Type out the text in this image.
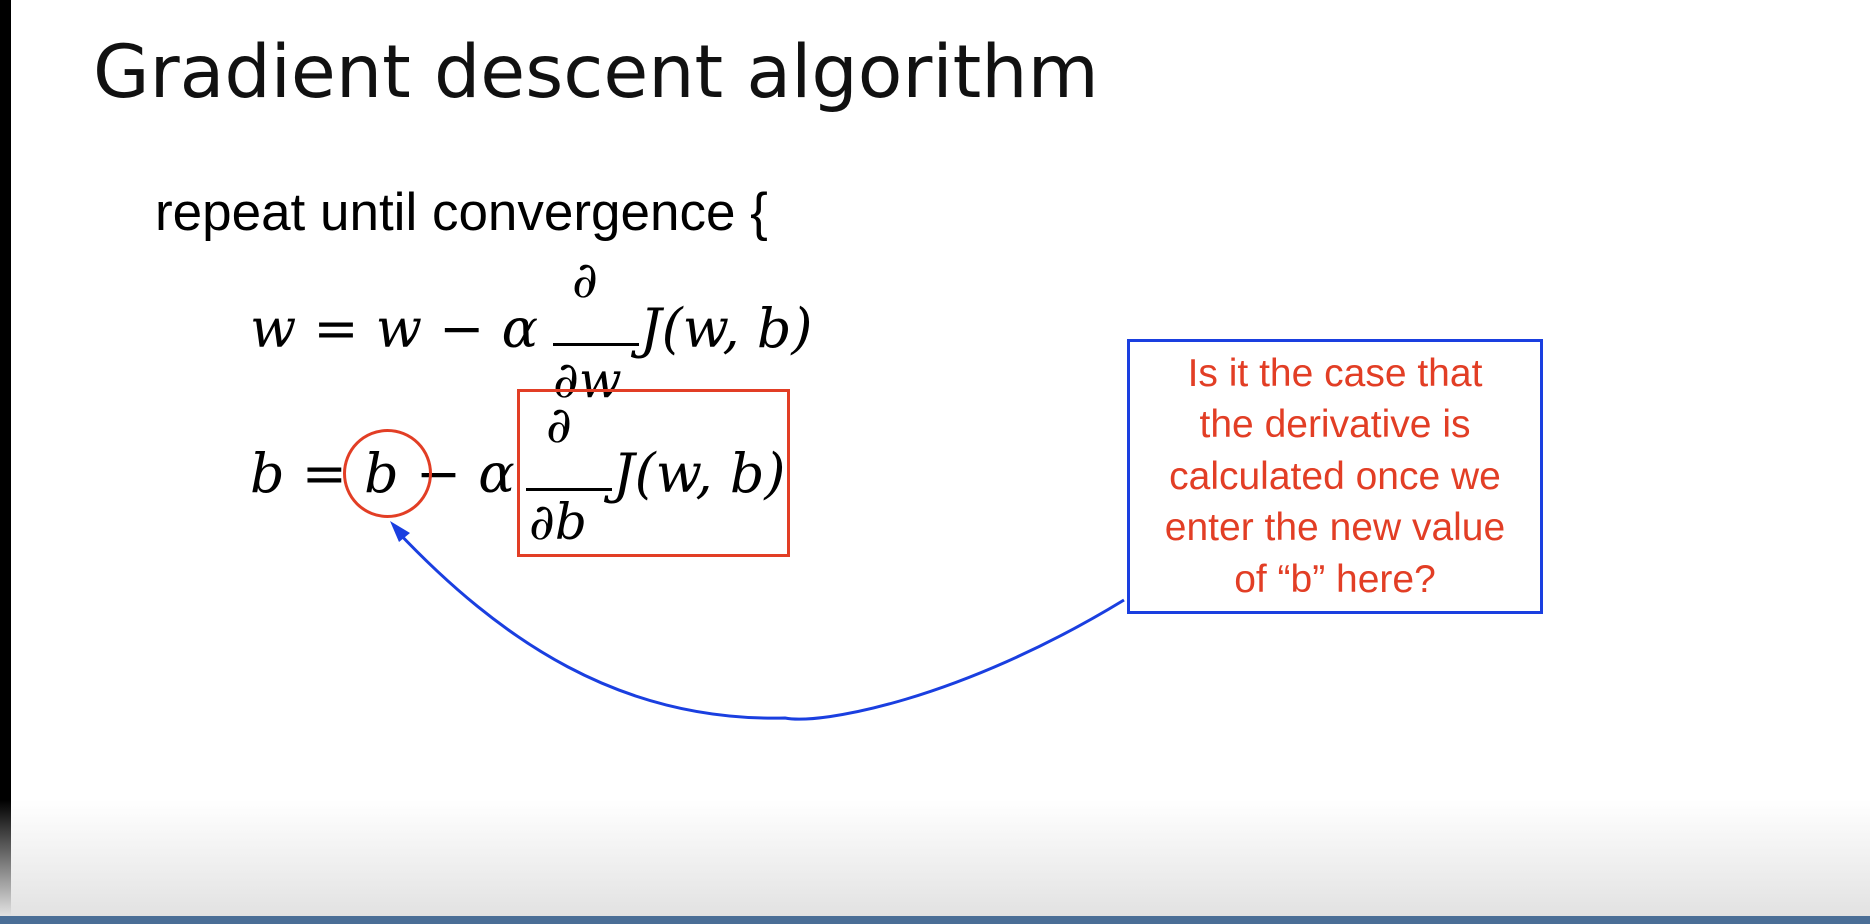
Gradient descent algorithm
repeat until convergence {
w = w − α
∂
∂w
J(w, b)
b = b − α
∂
∂b
J(w, b)
Is it the case that
the derivative is
calculated once we
enter the new value
of “b” here?
